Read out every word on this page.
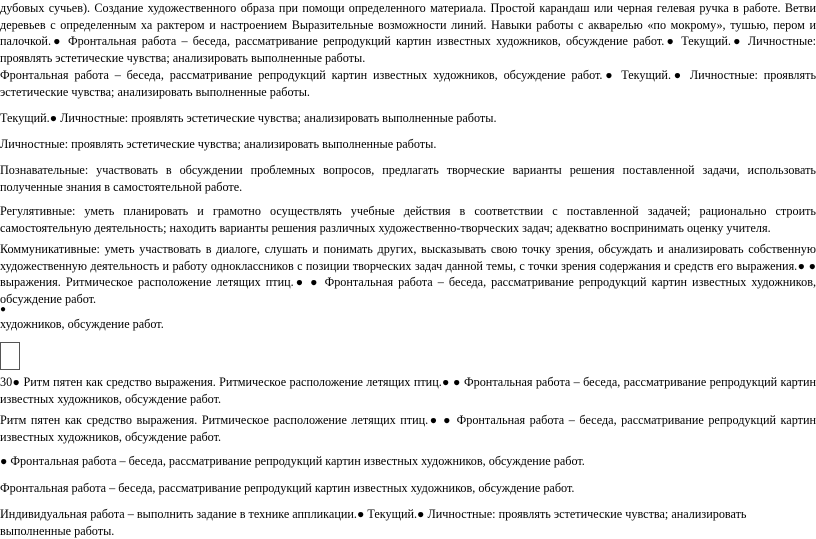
дубовых сучьев). Создание художественного образа при помощи определенного материала. Простой карандаш или черная гелевая ручка в работе. Ветви деревьев с определенным ха рактером и настроением Выразительные возможности линий. Навыки работы с акварелью «по мокрому», тушью, пером и палочкой.● Фронтальная работа – беседа, рассматривание репродукций картин известных художников, обсуждение работ.● Текущий.● Личностные: проявлять эстетические чувства; анализировать выполненные работы.

Фронтальная работа – беседа, рассматривание репродукций картин известных художников, обсуждение работ.● Текущий.● Личностные: проявлять эстетические чувства; анализировать выполненные работы.

Текущий.● Личностные: проявлять эстетические чувства; анализировать выполненные работы.

Личностные: проявлять эстетические чувства; анализировать выполненные работы.

Познавательные: участвовать в обсуждении проблемных вопросов, предлагать творческие варианты решения поставленной задачи, использовать полученные знания в самостоятельной работе.

Регулятивные: уметь планировать и грамотно осуществлять учебные действия в соответствии с поставленной задачей; рационально строить самостоятельную деятельность; находить варианты решения различных художественно-творческих задач; адекватно воспринимать оценку учителя.

Коммуникативные: уметь участвовать в диалоге, слушать и понимать других, высказывать свою точку зрения, обсуждать и анализировать собственную художественную деятельность и работу одноклассников с позиции творческих задач данной темы, с точки зрения содержания и средств его выражения.● ● выражения. Ритмическое расположение летящих птиц.● ● Фронтальная работа – беседа, рассматривание репродукций картин известных художников, обсуждение работ.

●

художников, обсуждение работ.

30● Ритм пятен как средство выражения. Ритмическое расположение летящих птиц.● ● Фронтальная работа – беседа, рассматривание репродукций картин известных художников, обсуждение работ.

Ритм пятен как средство выражения. Ритмическое расположение летящих птиц.● ● Фронтальная работа – беседа, рассматривание репродукций картин известных художников, обсуждение работ.

● Фронтальная работа – беседа, рассматривание репродукций картин известных художников, обсуждение работ.

Фронтальная работа – беседа, рассматривание репродукций картин известных художников, обсуждение работ.

Индивидуальная работа – выполнить задание в технике аппликации.● Текущий.● Личностные: проявлять эстетические чувства; анализировать выполненные работы.
